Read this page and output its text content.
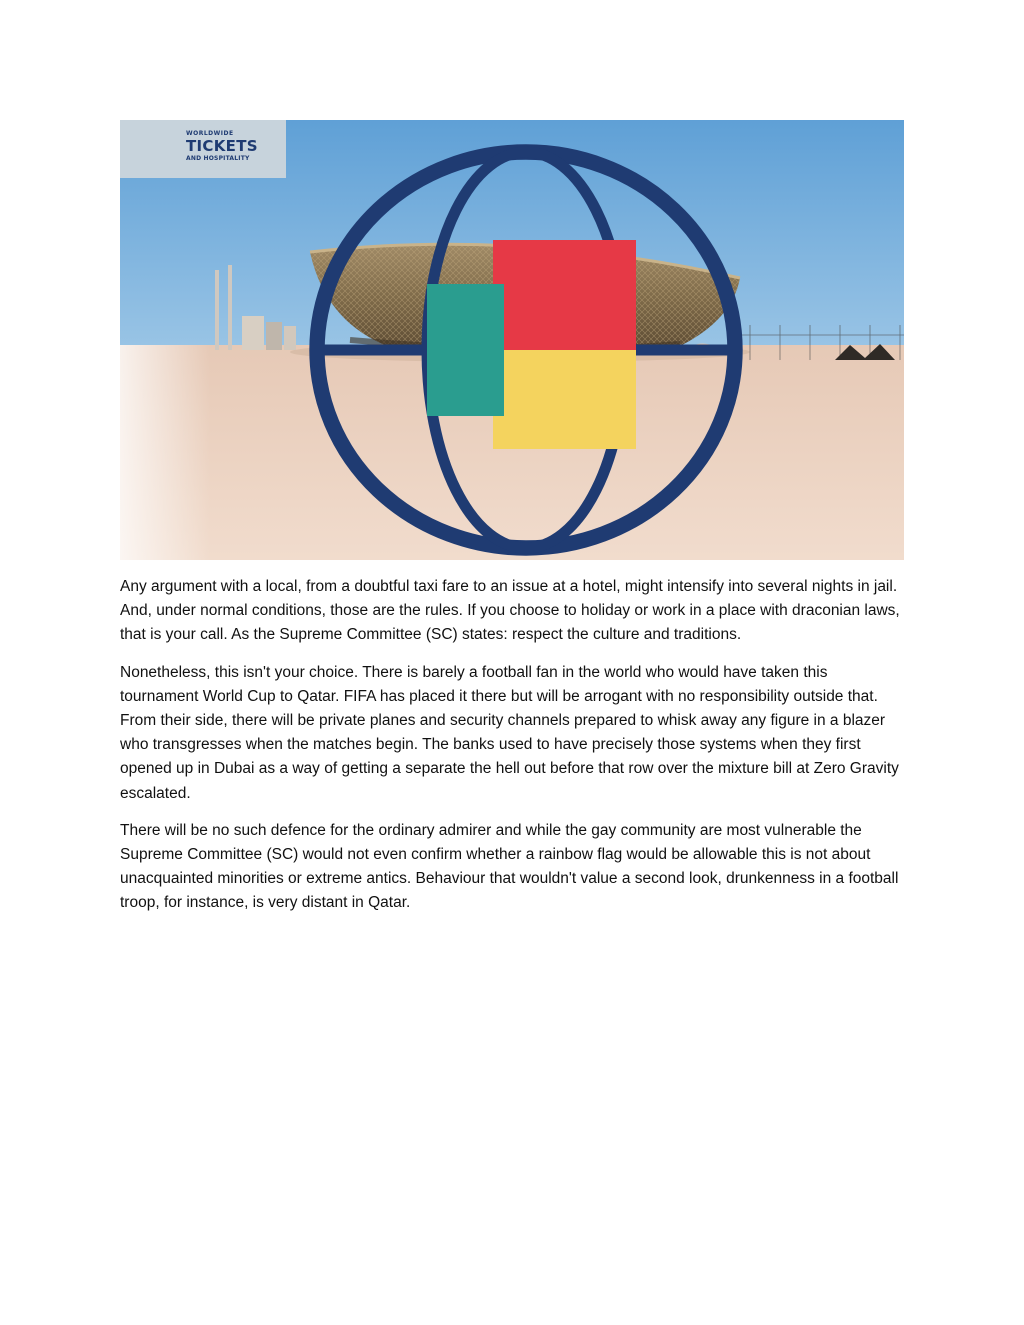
WORLDWIDE
TICKETS
AND HOSPITALITY

Any argument with a local, from a doubtful taxi fare to an issue at a hotel, might intensify into several nights in jail. And, under normal conditions, those are the rules. If you choose to holiday or work in a place with draconian laws, that is your call. As the Supreme Committee (SC) states: respect the culture and traditions.

Nonetheless, this isn't your choice. There is barely a football fan in the world who would have taken this tournament World Cup to Qatar. FIFA has placed it there but will be arrogant with no responsibility outside that. From their side, there will be private planes and security channels prepared to whisk away any figure in a blazer who transgresses when the matches begin. The banks used to have precisely those systems when they first opened up in Dubai as a way of getting a separate the hell out before that row over the mixture bill at Zero Gravity escalated.

There will be no such defence for the ordinary admirer and while the gay community are most vulnerable the Supreme Committee (SC) would not even confirm whether a rainbow flag would be allowable this is not about unacquainted minorities or extreme antics. Behaviour that wouldn't value a second look, drunkenness in a football troop, for instance, is very distant in Qatar.
